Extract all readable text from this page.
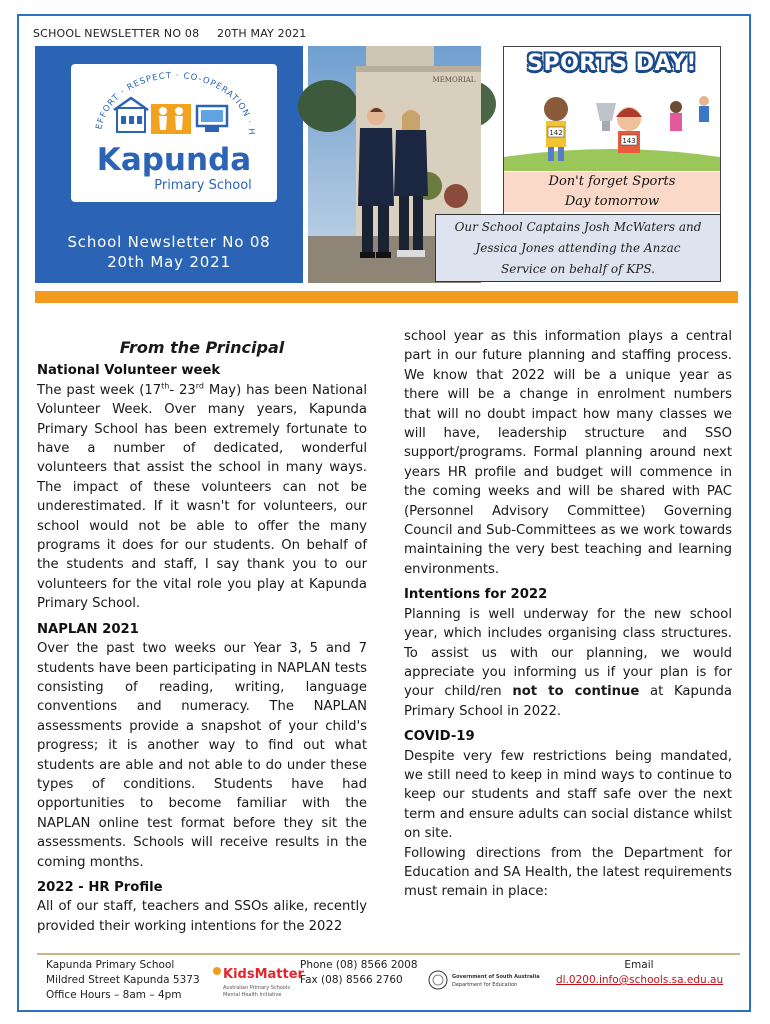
SCHOOL NEWSLETTER NO 08 20TH MAY 2021
EFFORT · RESPECT · CO-OPERATION · H
Kapunda
Primary School
School Newsletter No 08
20th May 2021
MEMORIAL
142
143
SPORTS DAY!
Don't forget Sports
Day tomorrow
Our School Captains Josh McWaters and
Jessica Jones attending the Anzac
Service on behalf of KPS.
From the Principal
National Volunteer week

The past week (17th- 23rd May) has been National Volunteer Week. Over many years, Kapunda Primary School has been extremely fortunate to have a number of dedicated, wonderful volunteers that assist the school in many ways. The impact of these volunteers can not be underestimated. If it wasn't for volunteers, our school would not be able to offer the many programs it does for our students. On behalf of the students and staff, I say thank you to our volunteers for the vital role you play at Kapunda Primary School.

NAPLAN 2021

Over the past two weeks our Year 3, 5 and 7 students have been participating in NAPLAN tests consisting of reading, writing, language conventions and numeracy. The NAPLAN assessments provide a snapshot of your child's progress; it is another way to find out what students are able and not able to do under these types of conditions. Students have had opportunities to become familiar with the NAPLAN online test format before they sit the assessments. Schools will receive results in the coming months.

2022 - HR Profile

All of our staff, teachers and SSOs alike, recently provided their working intentions for the 2022

school year as this information plays a central part in our future planning and staffing process. We know that 2022 will be a unique year as there will be a change in enrolment numbers that will no doubt impact how many classes we will have, leadership structure and SSO support/programs. Formal planning around next years HR profile and budget will commence in the coming weeks and will be shared with PAC (Personnel Advisory Committee) Governing Council and Sub-Committees as we work towards maintaining the very best teaching and learning environments.

Intentions for 2022

Planning is well underway for the new school year, which includes organising class structures. To assist us with our planning, we would appreciate you informing us if your plan is for your child/ren not to continue at Kapunda Primary School in 2022.

COVID-19

Despite very few restrictions being mandated, we still need to keep in mind ways to continue to keep our students and staff safe over the next term and ensure adults can social distance whilst on site.

Following directions from the Department for Education and SA Health, the latest requirements must remain in place:

Kapunda Primary School
Mildred Street Kapunda 5373
Office Hours – 8am – 4pm
KidsMatter
Australian Primary Schools
Mental Health Initiative
Phone (08) 8566 2008
Fax (08) 8566 2760	Government of South Australia
Department for Education
Email
dl.0200.info@schools.sa.edu.au
